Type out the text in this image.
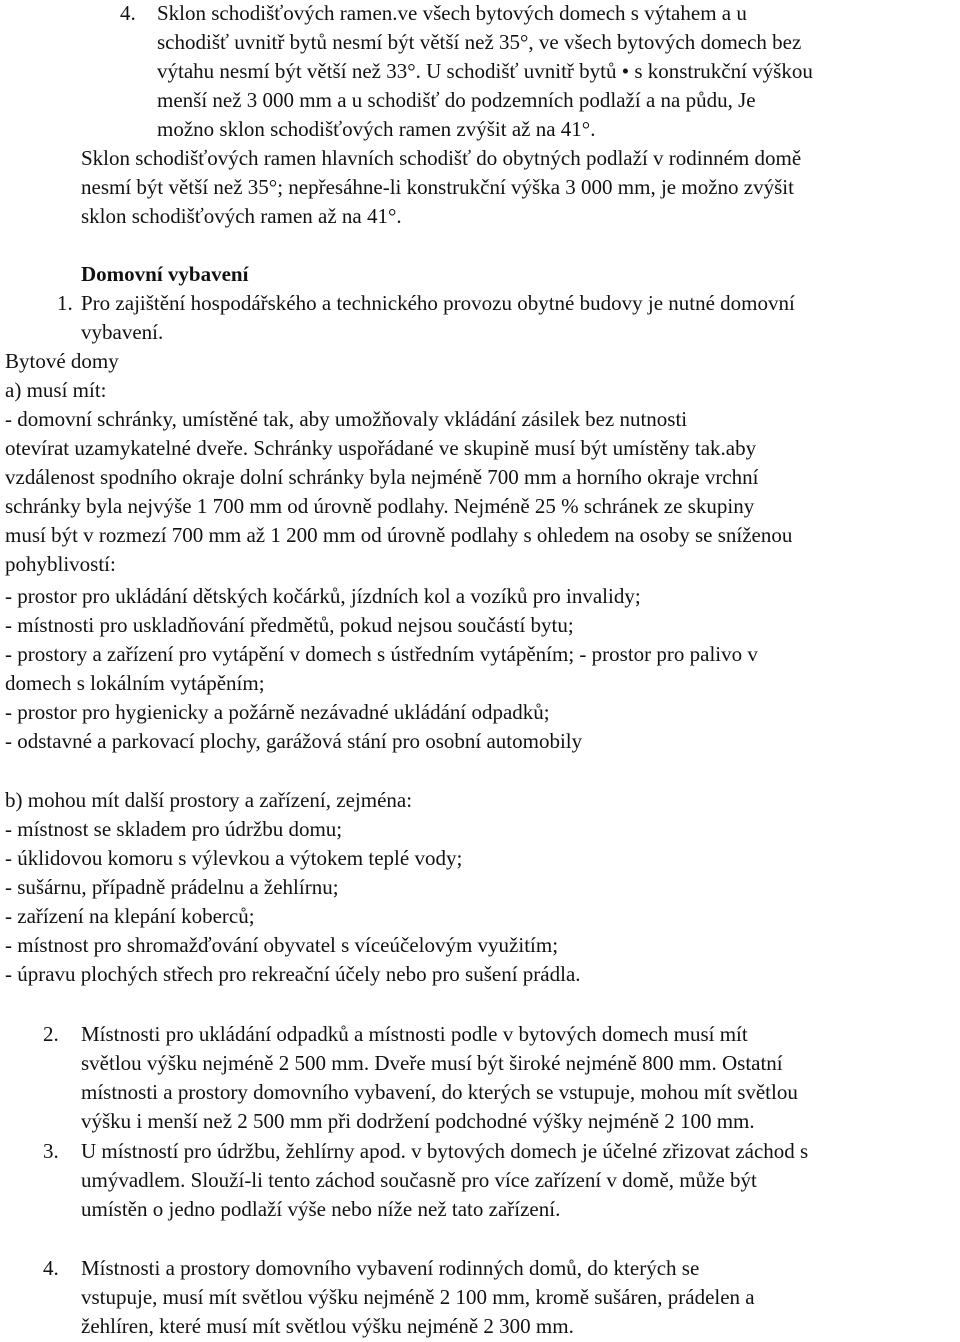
4. Sklon schodišťových ramen.ve všech bytových domech s výtahem a u
schodišť uvnitř bytů nesmí být větší než 35°, ve všech bytových domech bez
výtahu nesmí být větší než 33°. U schodišť uvnitř bytů • s konstrukční výškou
menší než 3 000 mm a u schodišť do podzemních podlaží a na půdu, Je
možno sklon schodišťových ramen zvýšit až na 41°.
Sklon schodišťových ramen hlavních schodišť do obytných podlaží v rodinném domě
nesmí být větší než 35°; nepřesáhne-li konstrukční výška 3 000 mm, je možno zvýšit
sklon schodišťových ramen až na 41°.
Domovní vybavení
1. Pro zajištění hospodářského a technického provozu obytné budovy je nutné domovní
vybavení.
Bytové domy
a) musí mít:
- domovní schránky, umístěné tak, aby umožňovaly vkládání zásilek bez nutnosti
otevírat uzamykatelné dveře. Schránky uspořádané ve skupině musí být umístěny tak.aby
vzdálenost spodního okraje dolní schránky byla nejméně 700 mm a horního okraje vrchní
schránky byla nejvýše 1 700 mm od úrovně podlahy. Nejméně 25 % schránek ze skupiny
musí být v rozmezí 700 mm až 1 200 mm od úrovně podlahy s ohledem na osoby se sníženou
pohyblivostí:
- prostor pro ukládání dětských kočárků, jízdních kol a vozíků pro invalidy;
- místnosti pro uskladňování předmětů, pokud nejsou součástí bytu;
- prostory a zařízení pro vytápění v domech s ústředním vytápěním; - prostor pro palivo v
domech s lokálním vytápěním;
- prostor pro hygienicky a požárně nezávadné ukládání odpadků;
- odstavné a parkovací plochy, garážová stání pro osobní automobily
b) mohou mít další prostory a zařízení, zejména:
- místnost se skladem pro údržbu domu;
- úklidovou komoru s výlevkou a výtokem teplé vody;
- sušárnu, případně prádelnu a žehlírnu;
- zařízení na klepání koberců;
- místnost pro shromažďování obyvatel s víceúčelovým využitím;
- úpravu plochých střech pro rekreační účely nebo pro sušení prádla.
2. Místnosti pro ukládání odpadků a místnosti podle v bytových domech musí mít
světlou výšku nejméně 2 500 mm. Dveře musí být široké nejméně 800 mm. Ostatní
místnosti a prostory domovního vybavení, do kterých se vstupuje, mohou mít světlou
výšku i menší než 2 500 mm při dodržení podchodné výšky nejméně 2 100 mm.
3. U místností pro údržbu, žehlírny apod. v bytových domech je účelné zřizovat záchod s
umývadlem. Slouží-li tento záchod současně pro více zařízení v domě, může být
umístěn o jedno podlaží výše nebo níže než tato zařízení.
4. Místnosti a prostory domovního vybavení rodinných domů, do kterých se
vstupuje, musí mít světlou výšku nejméně 2 100 mm, kromě sušáren, prádelen a
žehlíren, které musí mít světlou výšku nejméně 2 300 mm.
